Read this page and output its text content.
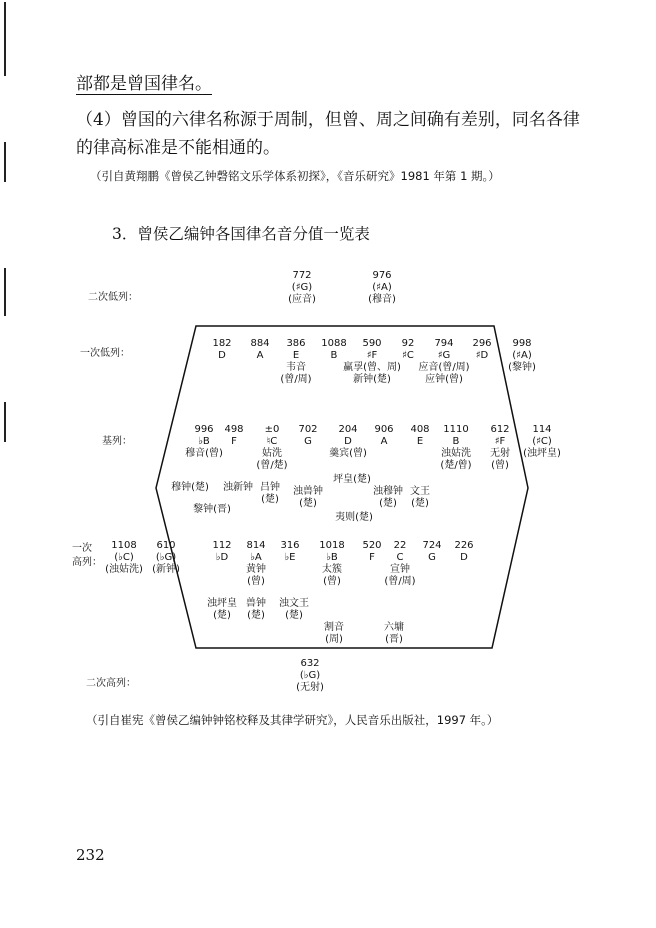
部都是曾国律名。
（4）曾国的六律名称源于周制，但曾、周之间确有差别，同名各律的律高标准是不能相通的。
（引自黄翔鹏《曾侯乙钟磬铭文乐学体系初探》，《音乐研究》1981 年第 1 期。）
3．曾侯乙编钟各国律名音分值一览表
二次低列：
一次低列：
基列：
一次
高列：
二次高列：
772
(♯G)
(应音)
976
(♯A)
(穆音)
182
D
884
A
386
E
韦音
(曾/周)
1088
B
590
♯F
赢孠(曾、周)
新钟(楚)
92
♯C
794
♯G
应音(曾/周)
应钟(曾)
296
♯D
998
(♯A)
(黎钟)
996
♭B
穆音(曾)
498
F
±0
♮C
姑洗
(曾/楚)
702
G
204
D
羹宾(曾)
906
A
408
E
1110
B
浊姑洗
(楚/曾)
612
♯F
无射
(曾)
114
(♯C)
(浊坪皇)
穆钟(楚) 浊新钟
黎钟(晋)
吕钟
(楚)
浊兽钟
(楚)
坪皇(楚)
浊穆钟
(楚)
文王
(楚)
夷则(楚)
1108
(♭C)
(浊姑洗)
610
(♭G)
(新钟)
112
♭D
814
♭A
黄钟
(曾)
316
♭E
1018
♭B
太簇
(曾)
520
F
22
C
宣钟
(曾/周)
724
G
226
D
浊坪皇
(楚)
兽钟
(楚)
浊文王
(楚)
割音
(周)
六墉
(晋)
632
(♭G)
(无射)
（引自崔宪《曾侯乙编钟钟铭校释及其律学研究》，人民音乐出版社，1997 年。）
232
